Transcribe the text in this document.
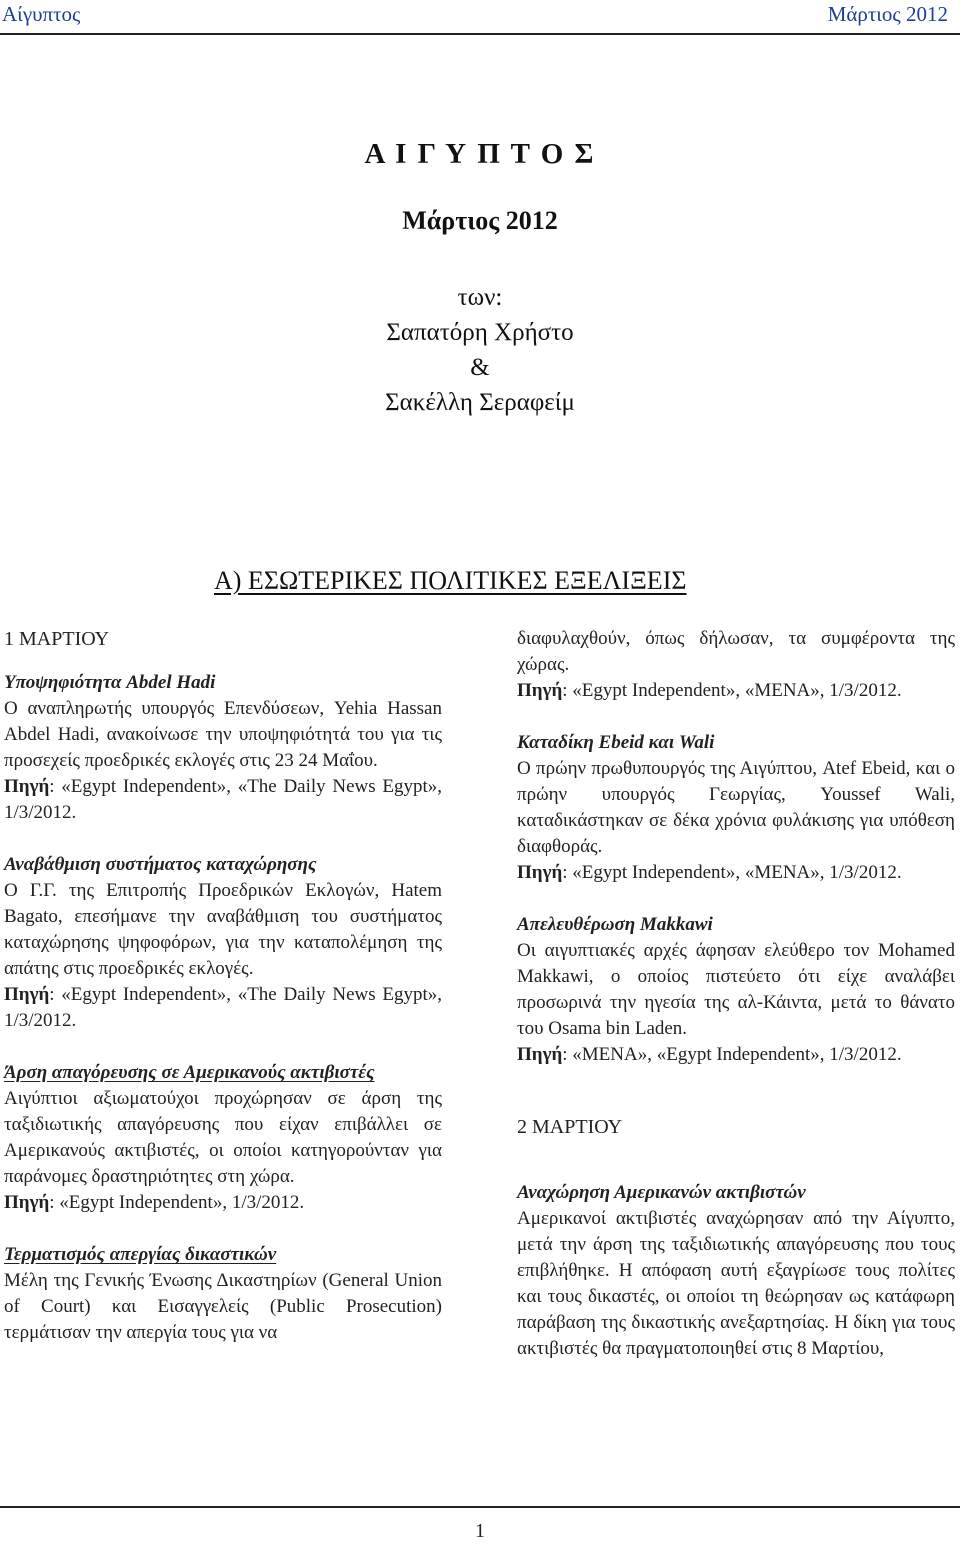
Αίγυπτος	Μάρτιος 2012
Α Ι Γ Υ Π Τ Ο Σ
Μάρτιος 2012
των:
Σαπατόρη Χρήστο
&
Σακέλλη Σεραφείμ
Α) ΕΣΩΤΕΡΙΚΕΣ ΠΟΛΙΤΙΚΕΣ ΕΞΕΛΙΞΕΙΣ
1 ΜΑΡΤΙΟΥ
Υποψηφιότητα Abdel Hadi
Ο αναπληρωτής υπουργός Επενδύσεων, Yehia Hassan Abdel Hadi, ανακοίνωσε την υποψηφιότητά του για τις προσεχείς προεδρικές εκλογές στις 23 24 Μαΐου.
Πηγή: «Egypt Independent», «The Daily News Egypt», 1/3/2012.
Αναβάθμιση συστήματος καταχώρησης
Ο Γ.Γ. της Επιτροπής Προεδρικών Εκλογών, Hatem Bagato, επεσήμανε την αναβάθμιση του συστήματος καταχώρησης ψηφοφόρων, για την καταπολέμηση της απάτης στις προεδρικές εκλογές.
Πηγή: «Egypt Independent», «The Daily News Egypt», 1/3/2012.
Άρση απαγόρευσης σε Αμερικανούς ακτιβιστές
Αιγύπτιοι αξιωματούχοι προχώρησαν σε άρση της ταξιδιωτικής απαγόρευσης που είχαν επιβάλλει σε Αμερικανούς ακτιβιστές, οι οποίοι κατηγορούνταν για παράνομες δραστηριότητες στη χώρα.
Πηγή: «Egypt Independent», 1/3/2012.
Τερματισμός απεργίας δικαστικών
Μέλη της Γενικής Ένωσης Δικαστηρίων (General Union of Court) και Εισαγγελείς (Public Prosecution) τερμάτισαν την απεργία τους για να
διαφυλαχθούν, όπως δήλωσαν, τα συμφέροντα της χώρας.
Πηγή: «Egypt Independent», «MENA», 1/3/2012.
Καταδίκη Ebeid και Wali
Ο πρώην πρωθυπουργός της Αιγύπτου, Atef Ebeid, και ο πρώην υπουργός Γεωργίας, Youssef Wali, καταδικάστηκαν σε δέκα χρόνια φυλάκισης για υπόθεση διαφθοράς.
Πηγή: «Egypt Independent», «MENA», 1/3/2012.
Απελευθέρωση Makkawi
Οι αιγυπτιακές αρχές άφησαν ελεύθερο τον Mohamed Makkawi, ο οποίος πιστεύετο ότι είχε αναλάβει προσωρινά την ηγεσία της αλ-Κάιντα, μετά το θάνατο του Osama bin Laden.
Πηγή: «MENA», «Egypt Independent», 1/3/2012.
2 ΜΑΡΤΙΟΥ
Αναχώρηση Αμερικανών ακτιβιστών
Αμερικανοί ακτιβιστές αναχώρησαν από την Αίγυπτο, μετά την άρση της ταξιδιωτικής απαγόρευσης που τους επιβλήθηκε. Η απόφαση αυτή εξαγρίωσε τους πολίτες και τους δικαστές, οι οποίοι τη θεώρησαν ως κατάφωρη παράβαση της δικαστικής ανεξαρτησίας. Η δίκη για τους ακτιβιστές θα πραγματοποιηθεί στις 8 Μαρτίου,
1
